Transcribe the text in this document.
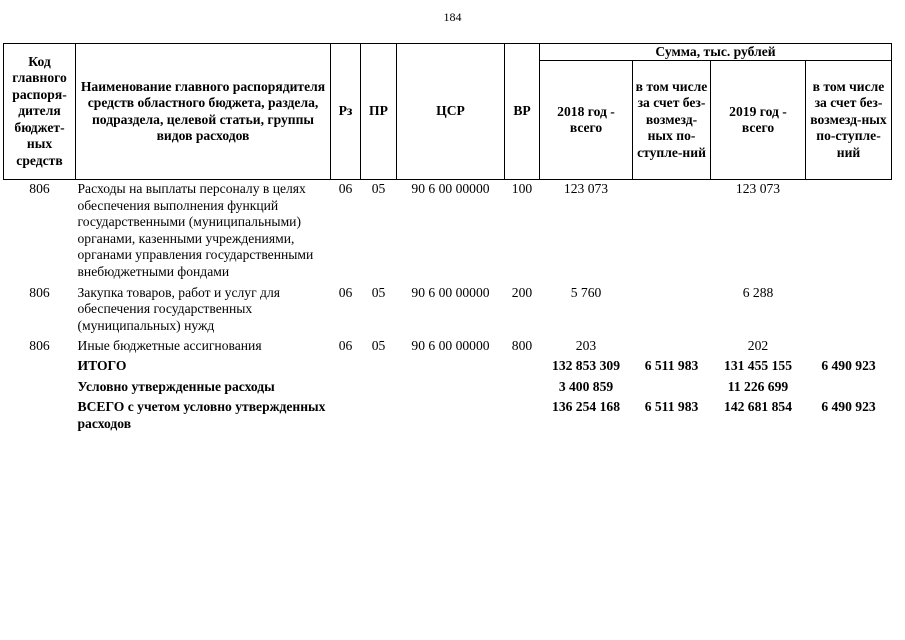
184
Код главного распоря-дителя бюджет-ных средств	Наименование главного распорядителя средств областного бюджета, раздела, подраздела, целевой статьи, группы видов расходов	Рз	ПР	ЦСР	ВР	Сумма, тыс. рублей			
						2018 год - всего	в том числе за счет без-возмезд-ных по-ступле-ний	2019 год - всего	в том числе за счет без-возмезд-ных по-ступле-ний
806	Расходы на выплаты персоналу в целях обеспечения выполнения функций государственными (муниципальными) органами, казенными учреждениями, органами управления государственными внебюджетными фондами	06	05	90 6 00 00000	100	123 073		123 073	
806	Закупка товаров, работ и услуг для обеспечения государственных (муниципальных) нужд	06	05	90 6 00 00000	200	5 760		6 288	
806	Иные бюджетные ассигнования	06	05	90 6 00 00000	800	203		202	
	ИТОГО					132 853 309	6 511 983	131 455 155	6 490 923
	Условно утвержденные расходы					3 400 859		11 226 699	
	ВСЕГО с учетом условно утвержденных расходов					136 254 168	6 511 983	142 681 854	6 490 923
